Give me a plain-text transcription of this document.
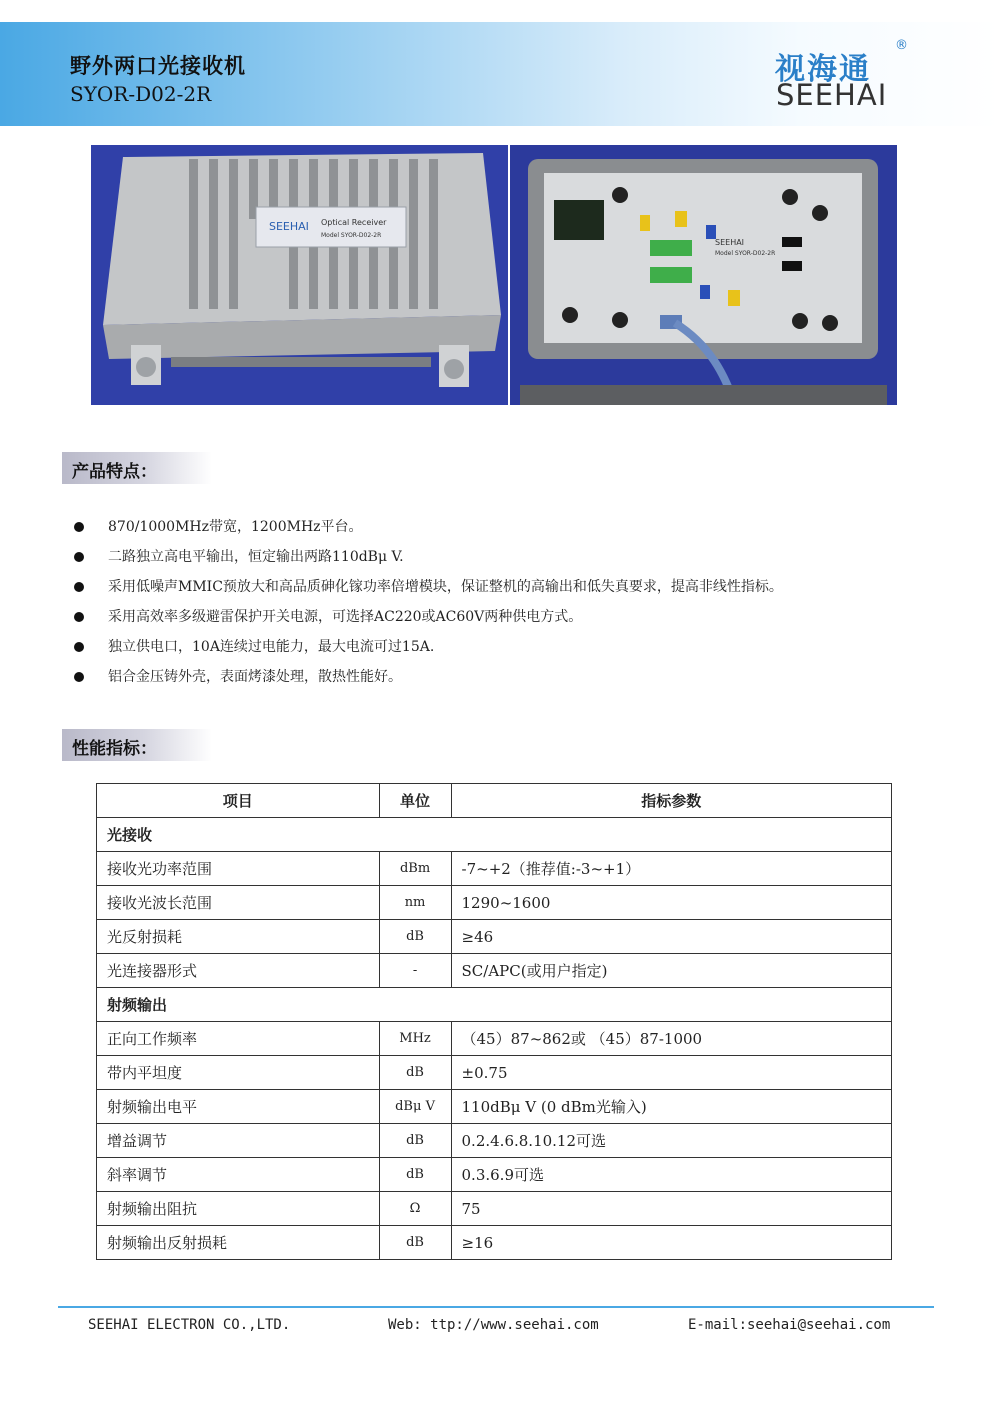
野外两口光接收机
SYOR-D02-2R
视海通
®
SEEHAI
SEEHAI Optical Receiver
Model SYOR-D02-2R
SEEHAI
Model SYOR-D02-2R
产品特点：
870/1000MHz带宽，1200MHz平台。
二路独立高电平输出，恒定输出两路110dBμ V.
采用低噪声MMIC预放大和高品质砷化镓功率倍增模块，保证整机的高输出和低失真要求，提高非线性指标。
采用高效率多级避雷保护开关电源，可选择AC220或AC60V两种供电方式。
独立供电口，10A连续过电能力，最大电流可过15A.
铝合金压铸外壳，表面烤漆处理，散热性能好。
性能指标：
项目	单位	指标参数
光接收		
接收光功率范围	dBm	-7~+2（推荐值:-3~+1）
接收光波长范围	nm	1290~1600
光反射损耗	dB	≥46
光连接器形式	-	SC/APC(或用户指定)
射频输出		
正向工作频率	MHz	（45）87~862或 （45）87-1000
带内平坦度	dB	±0.75
射频输出电平	dBμ V	110dBμ V (0 dBm光输入)
增益调节	dB	0.2.4.6.8.10.12可选
斜率调节	dB	0.3.6.9可选
射频输出阻抗	Ω	75
射频输出反射损耗	dB	≥16
SEEHAI ELECTRON CO.,LTD.	Web: ttp://www.seehai.com	E-mail:seehai@seehai.com
